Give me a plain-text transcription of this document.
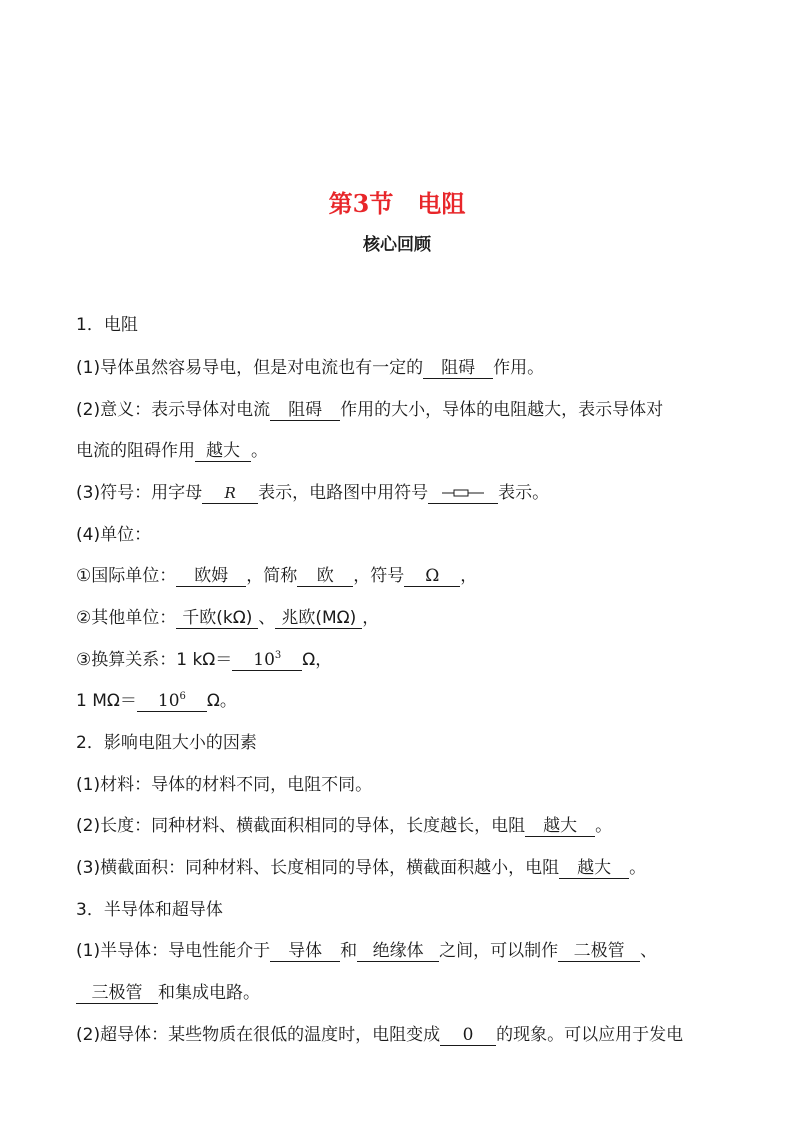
第3节　电阻
核心回顾
1．电阻
(1)导体虽然容易导电，但是对电流也有一定的 阻碍 作用。
(2)意义：表示导体对电流 阻碍 作用的大小，导体的电阻越大，表示导体对
电流的阻碍作用 越大 。
(3)符号：用字母 R 表示，电路图中用符号	表示。
(4)单位：
①国际单位： 欧姆 ，简称 欧 ，符号 Ω ，
②其他单位： 千欧(kΩ) 、 兆欧(MΩ) ，
③换算关系：1 $k\Omega= 10^3$ Ω，
1 $M\Omega= 10^6$ Ω。
2．影响电阻大小的因素
(1)材料：导体的材料不同，电阻不同。
(2)长度：同种材料、横截面积相同的导体，长度越长，电阻 越大 。
(3)横截面积：同种材料、长度相同的导体，横截面积越小，电阻 越大 。
3．半导体和超导体
(1)半导体：导电性能介于 导体 和 绝缘体 之间，可以制作 二极管 、
三极管 和集成电路。
(2)超导体：某些物质在很低的温度时，电阻变成 0 的现象。可以应用于发电
